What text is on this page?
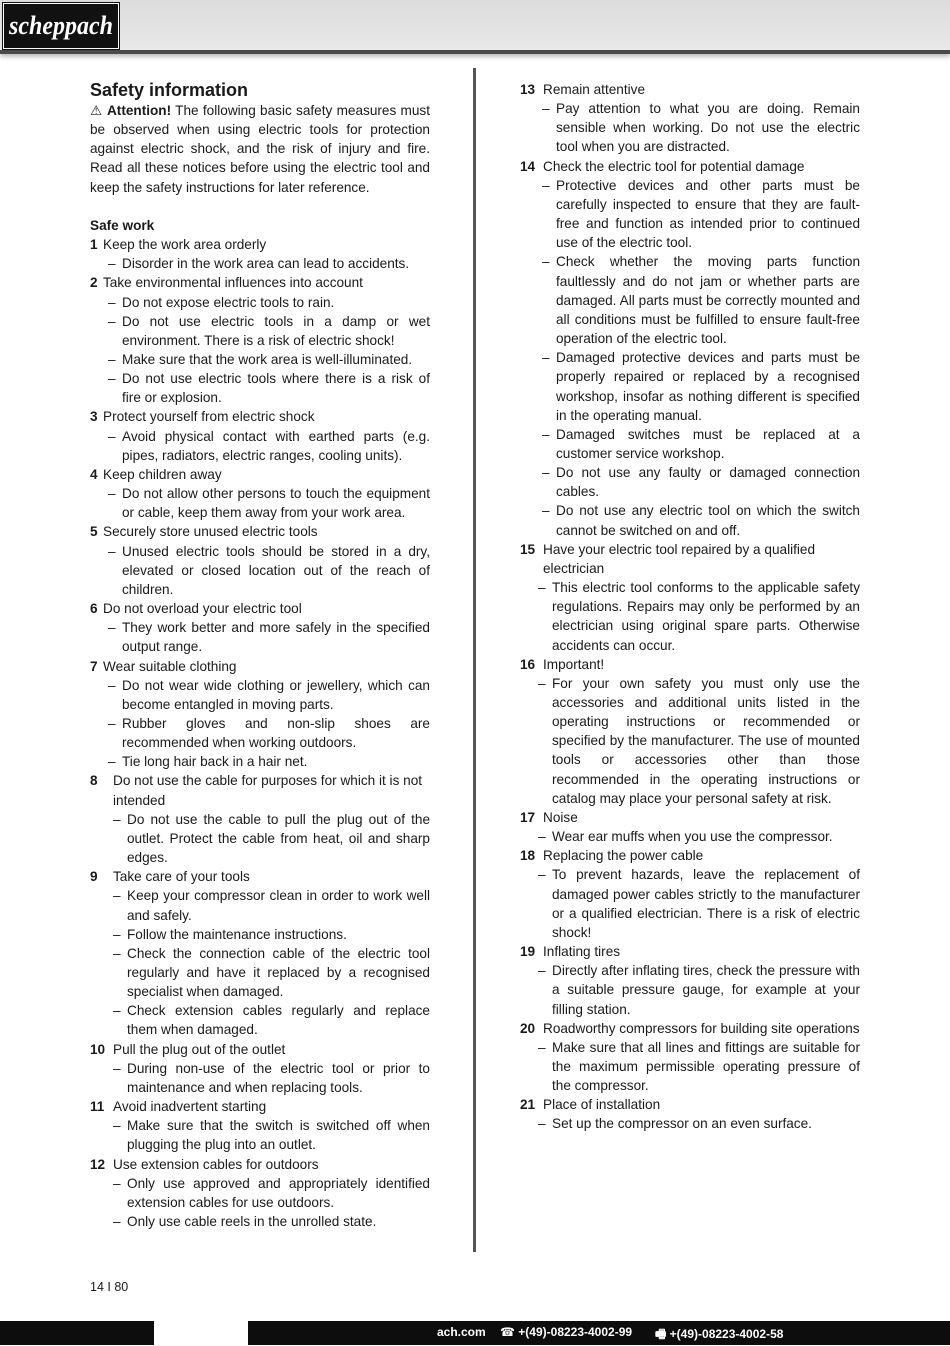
scheppach
Safety information

⚠ Attention! The following basic safety measures must be observed when using electric tools for protection against electric shock, and the risk of injury and fire. Read all these notices before using the electric tool and keep the safety instructions for later reference.

Safe work

1 Keep the work area orderly
– Disorder in the work area can lead to accidents.
2 Take environmental influences into account
– Do not expose electric tools to rain.
– Do not use electric tools in a damp or wet environment. There is a risk of electric shock!
– Make sure that the work area is well-illuminated.
– Do not use electric tools where there is a risk of fire or explosion.
3 Protect yourself from electric shock
– Avoid physical contact with earthed parts (e.g. pipes, radiators, electric ranges, cooling units).
4 Keep children away
– Do not allow other persons to touch the equipment or cable, keep them away from your work area.
5 Securely store unused electric tools
– Unused electric tools should be stored in a dry, elevated or closed location out of the reach of children.
6 Do not overload your electric tool
– They work better and more safely in the specified output range.
7 Wear suitable clothing
– Do not wear wide clothing or jewellery, which can become entangled in moving parts.
– Rubber gloves and non-slip shoes are recommended when working outdoors.
– Tie long hair back in a hair net.
8	Do not use the cable for purposes for which it is not intended
– Do not use the cable to pull the plug out of the outlet. Protect the cable from heat, oil and sharp edges.
9	Take care of your tools
– Keep your compressor clean in order to work well and safely.
– Follow the maintenance instructions.
– Check the connection cable of the electric tool regularly and have it replaced by a recognised specialist when damaged.
– Check extension cables regularly and replace them when damaged.
10 Pull the plug out of the outlet
– During non-use of the electric tool or prior to maintenance and when replacing tools.
11 Avoid inadvertent starting
– Make sure that the switch is switched off when plugging the plug into an outlet.
12 Use extension cables for outdoors
– Only use approved and appropriately identified extension cables for use outdoors.
– Only use cable reels in the unrolled state.
13 Remain attentive
– Pay attention to what you are doing. Remain sensible when working. Do not use the electric tool when you are distracted.
14 Check the electric tool for potential damage
– Protective devices and other parts must be carefully inspected to ensure that they are fault-free and function as intended prior to continued use of the electric tool.
– Check whether the moving parts function faultlessly and do not jam or whether parts are damaged. All parts must be correctly mounted and all conditions must be fulfilled to ensure fault-free operation of the electric tool.
– Damaged protective devices and parts must be properly repaired or replaced by a recognised workshop, insofar as nothing different is specified in the operating manual.
– Damaged switches must be replaced at a customer service workshop.
– Do not use any faulty or damaged connection cables.
– Do not use any electric tool on which the switch cannot be switched on and off.
15 Have your electric tool repaired by a qualified electrician
– This electric tool conforms to the applicable safety regulations. Repairs may only be performed by an electrician using original spare parts. Otherwise accidents can occur.
16 Important!
– For your own safety you must only use the accessories and additional units listed in the operating instructions or recommended or specified by the manufacturer. The use of mounted tools or accessories other than those recommended in the operating instructions or catalog may place your personal safety at risk.
17 Noise
– Wear ear muffs when you use the compressor.
18 Replacing the power cable
– To prevent hazards, leave the replacement of damaged power cables strictly to the manufacturer or a qualified electrician. There is a risk of electric shock!
19 Inflating tires
– Directly after inflating tires, check the pressure with a suitable pressure gauge, for example at your filling station.
20 Roadworthy compressors for building site operations
– Make sure that all lines and fittings are suitable for the maximum permissible operating pressure of the compressor.
21 Place of installation
– Set up the compressor on an even surface.
14 I 80
ach.com ☎ +(49)-08223-4002-99 🖷 +(49)-08223-4002-58
